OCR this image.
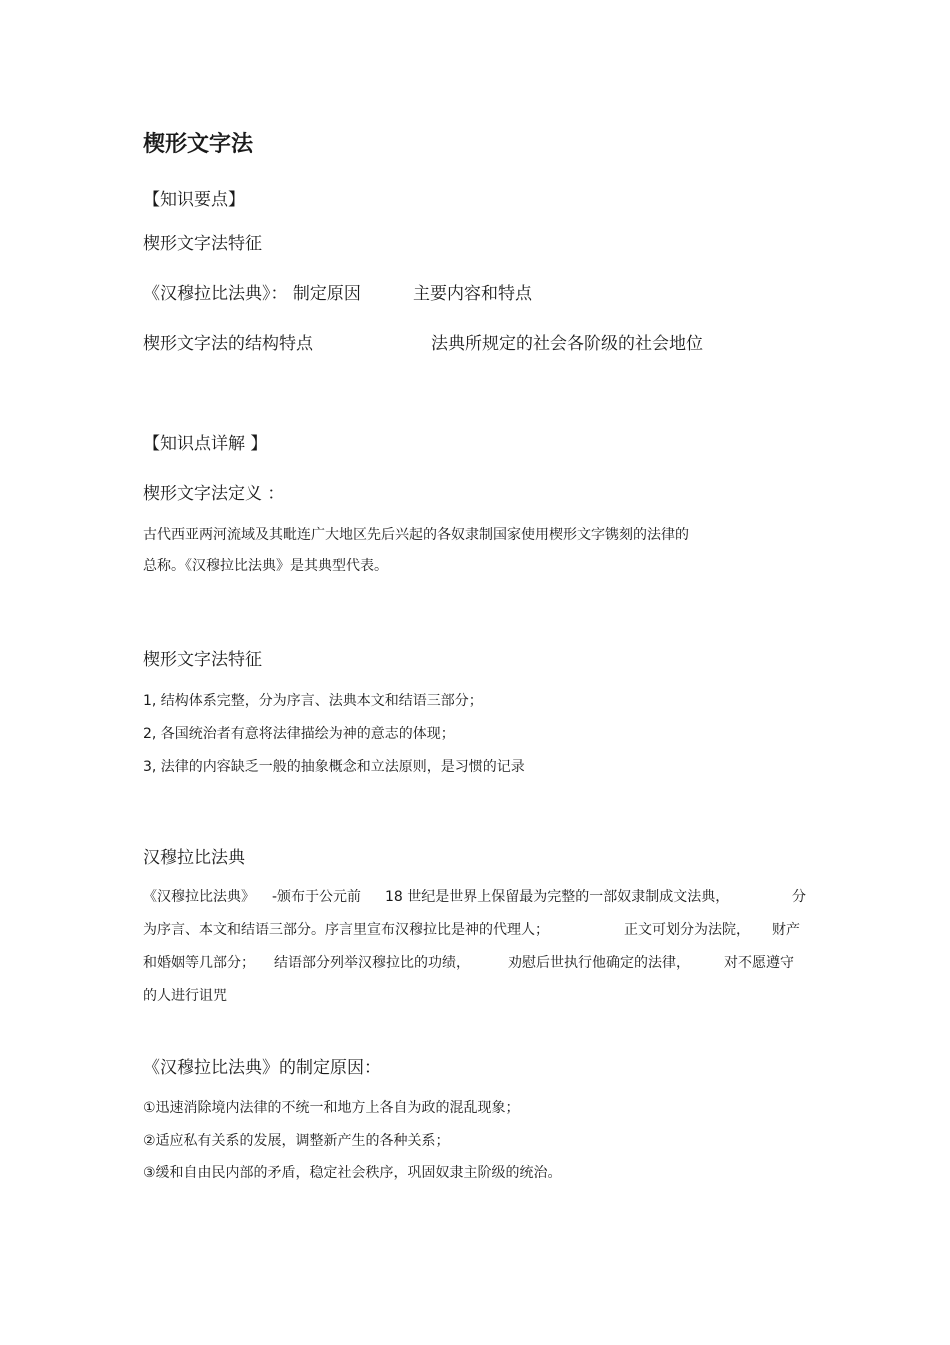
楔形文字法
【知识要点】
楔形文字法特征
《汉穆拉比法典》： 制定原因	主要内容和特点
楔形文字法的结构特点	法典所规定的社会各阶级的社会地位
【知识点详解 】
楔形文字法定义 ：
古代西亚两河流域及其毗连广大地区先后兴起的各奴隶制国家使用楔形文字镌刻的法律的
总称。《汉穆拉比法典》是其典型代表。
楔形文字法特征
1, 结构体系完整，分为序言、法典本文和结语三部分；
2, 各国统治者有意将法律描绘为神的意志的体现；
3, 法律的内容缺乏一般的抽象概念和立法原则，是习惯的记录
汉穆拉比法典
《汉穆拉比法典》 -颁布于公元前 18 世纪是世界上保留最为完整的一部奴隶制成文法典，	分
为序言、本文和结语三部分。序言里宣布汉穆拉比是神的代理人；	正文可划分为法院， 财产
和婚姻等几部分； 结语部分列举汉穆拉比的功绩，	劝慰后世执行他确定的法律， 对不愿遵守
的人进行诅咒
《汉穆拉比法典》的制定原因：
①迅速消除境内法律的不统一和地方上各自为政的混乱现象；
②适应私有关系的发展，调整新产生的各种关系；
③缓和自由民内部的矛盾，稳定社会秩序，巩固奴隶主阶级的统治。
